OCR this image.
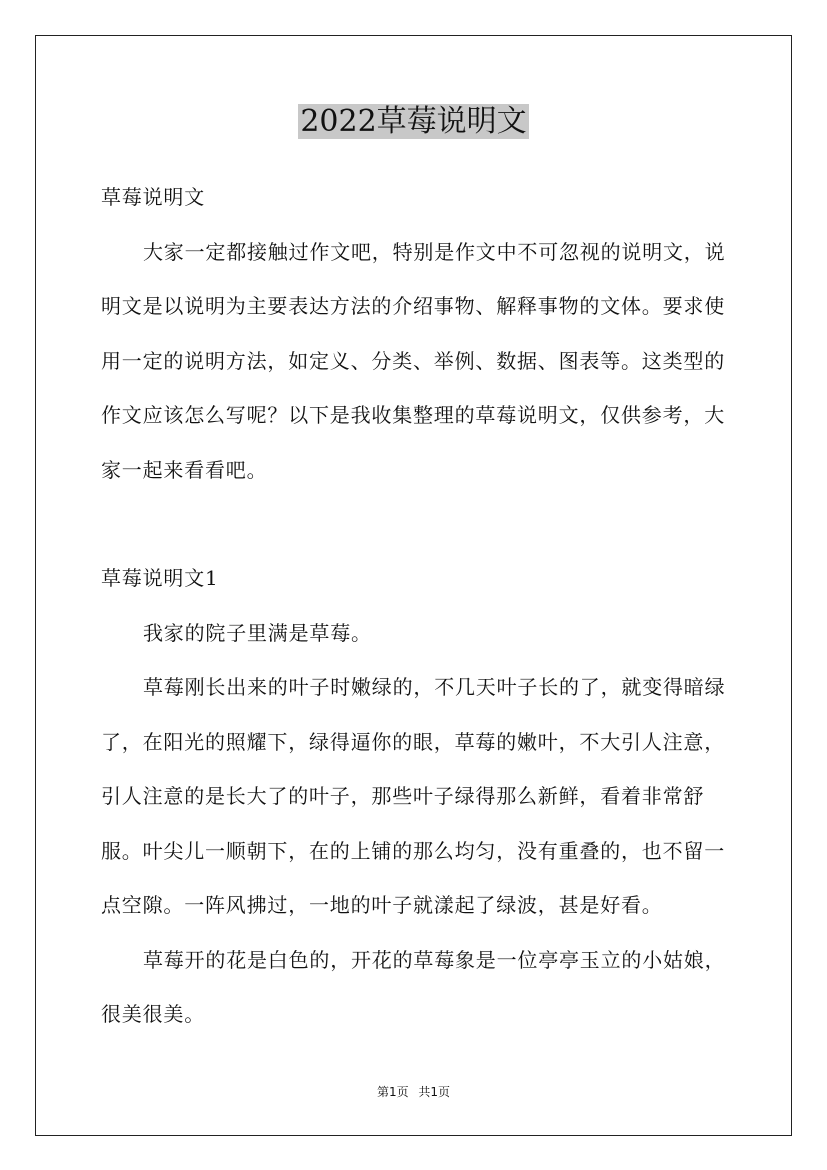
2022草莓说明文

草莓说明文

大家一定都接触过作文吧，特别是作文中不可忽视的说明文，说明文是以说明为主要表达方法的介绍事物、解释事物的文体。要求使用一定的说明方法，如定义、分类、举例、数据、图表等。这类型的作文应该怎么写呢？以下是我收集整理的草莓说明文，仅供参考，大家一起来看看吧。

草莓说明文1

我家的院子里满是草莓。

草莓刚长出来的叶子时嫩绿的，不几天叶子长的了，就变得暗绿了，在阳光的照耀下，绿得逼你的眼，草莓的嫩叶，不大引人注意，引人注意的是长大了的叶子，那些叶子绿得那么新鲜，看着非常舒服。叶尖儿一顺朝下，在的上铺的那么均匀，没有重叠的，也不留一点空隙。一阵风拂过，一地的叶子就漾起了绿波，甚是好看。

草莓开的花是白色的，开花的草莓象是一位亭亭玉立的小姑娘，很美很美。

第1页 共1页
